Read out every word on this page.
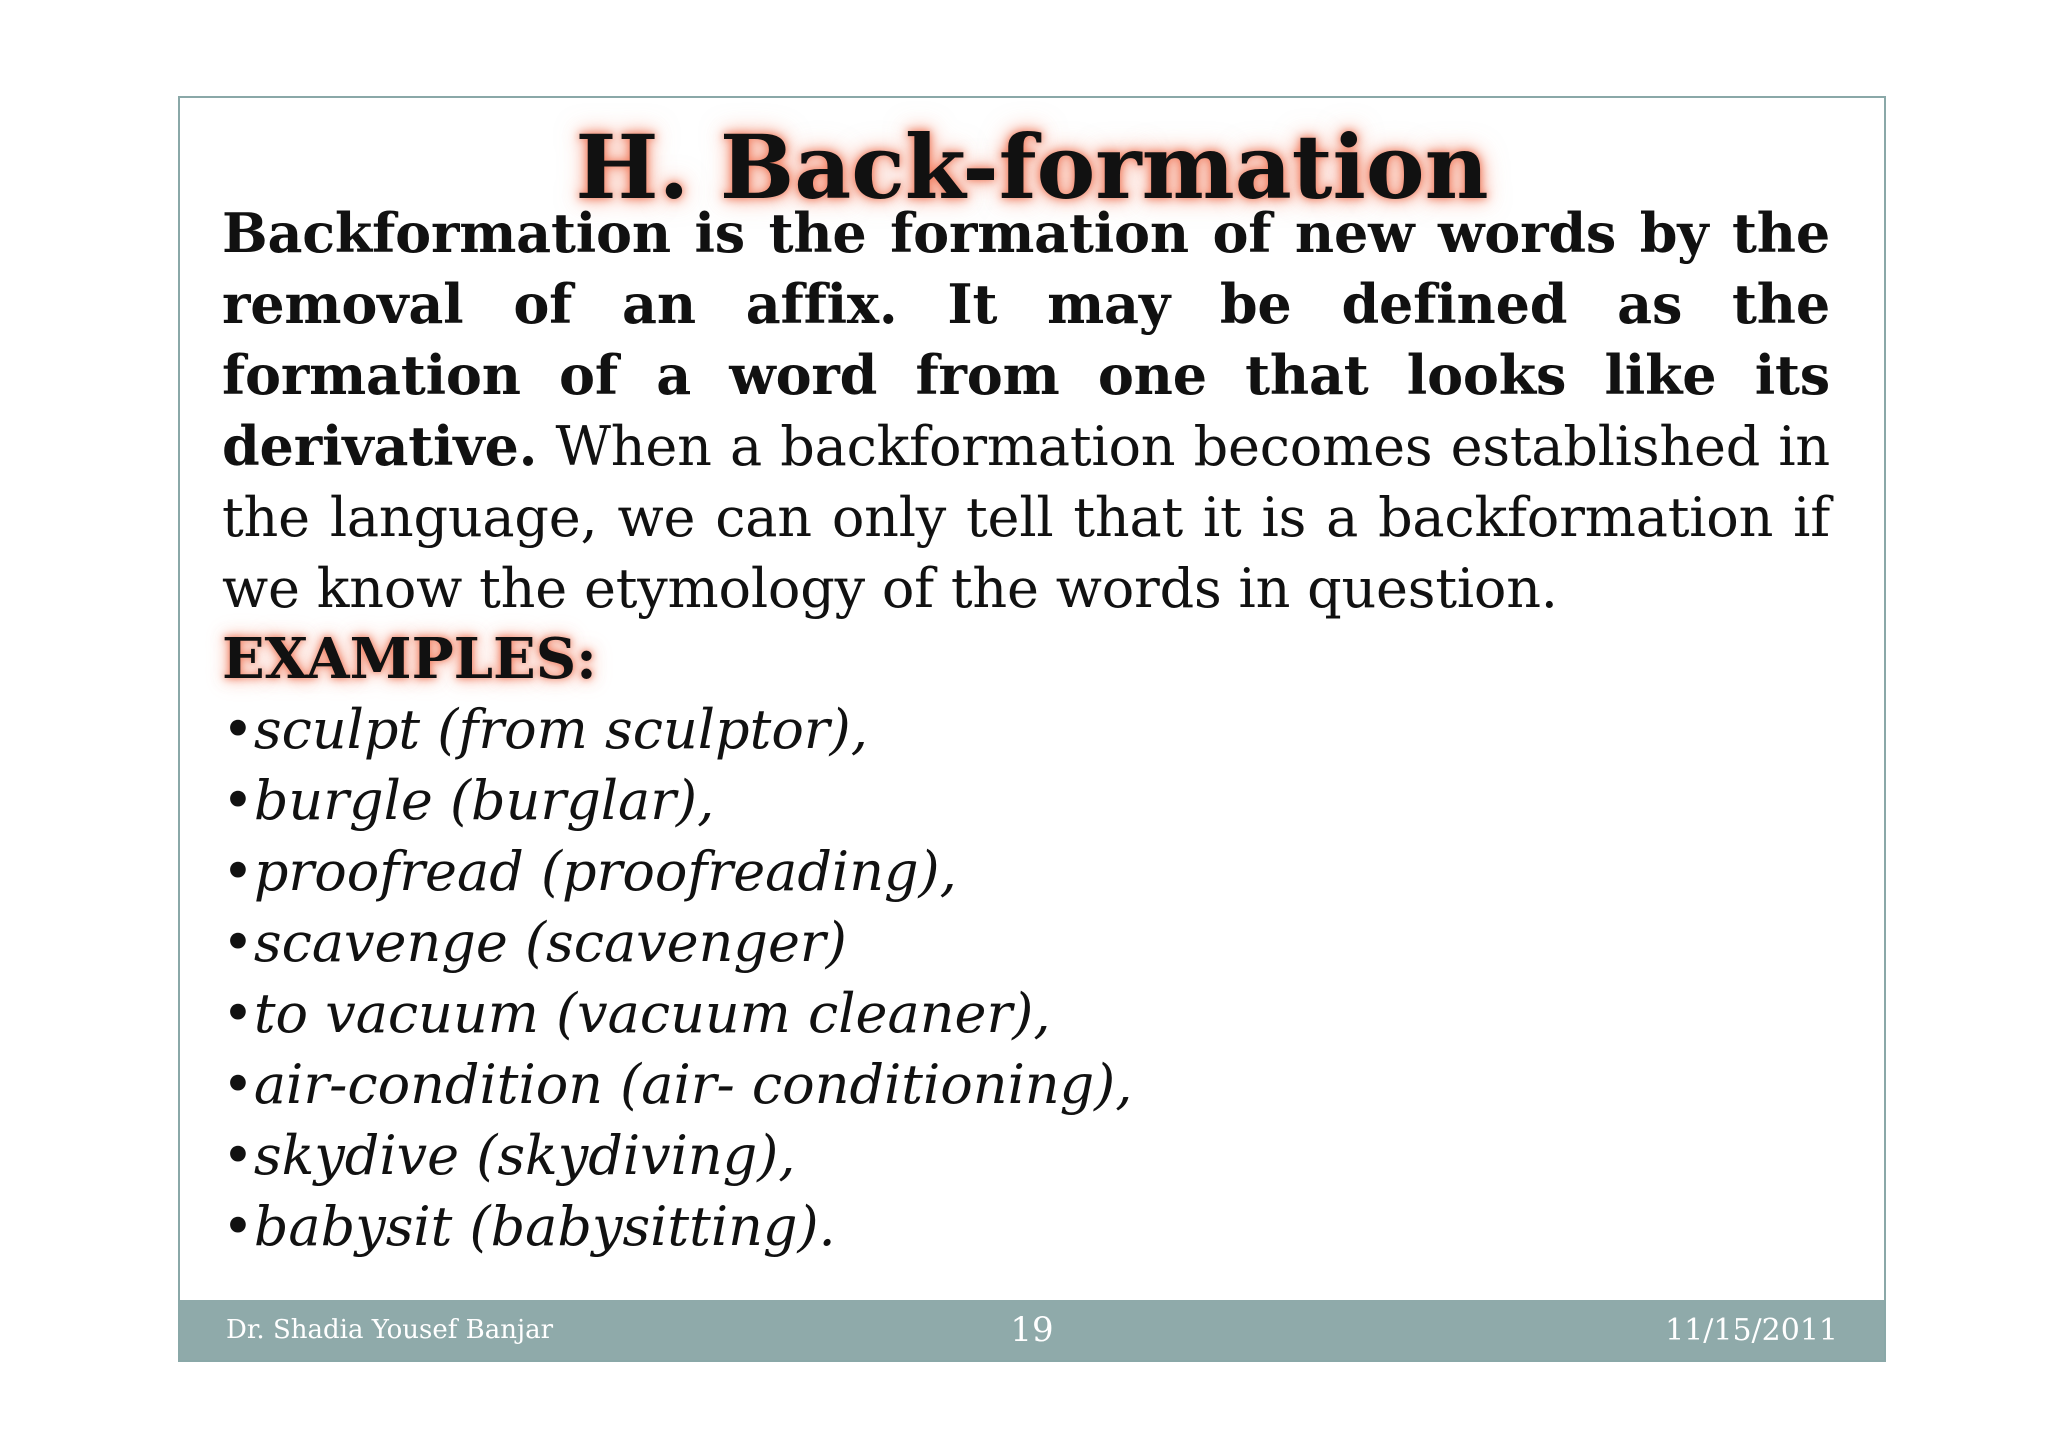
H. Back-formation

Backformation is the formation of new words by the removal of an affix. It may be defined as the formation of a word from one that looks like its derivative. When a backformation becomes established in the language, we can only tell that it is a backformation if we know the etymology of the words in question.

EXAMPLES:
• sculpt (from sculptor),
• burgle (burglar),
• proofread (proofreading),
• scavenge (scavenger)
• to vacuum (vacuum cleaner),
• air-condition (air- conditioning),
• skydive (skydiving),
• babysit (babysitting).
Dr. Shadia Yousef Banjar	19	11/15/2011
